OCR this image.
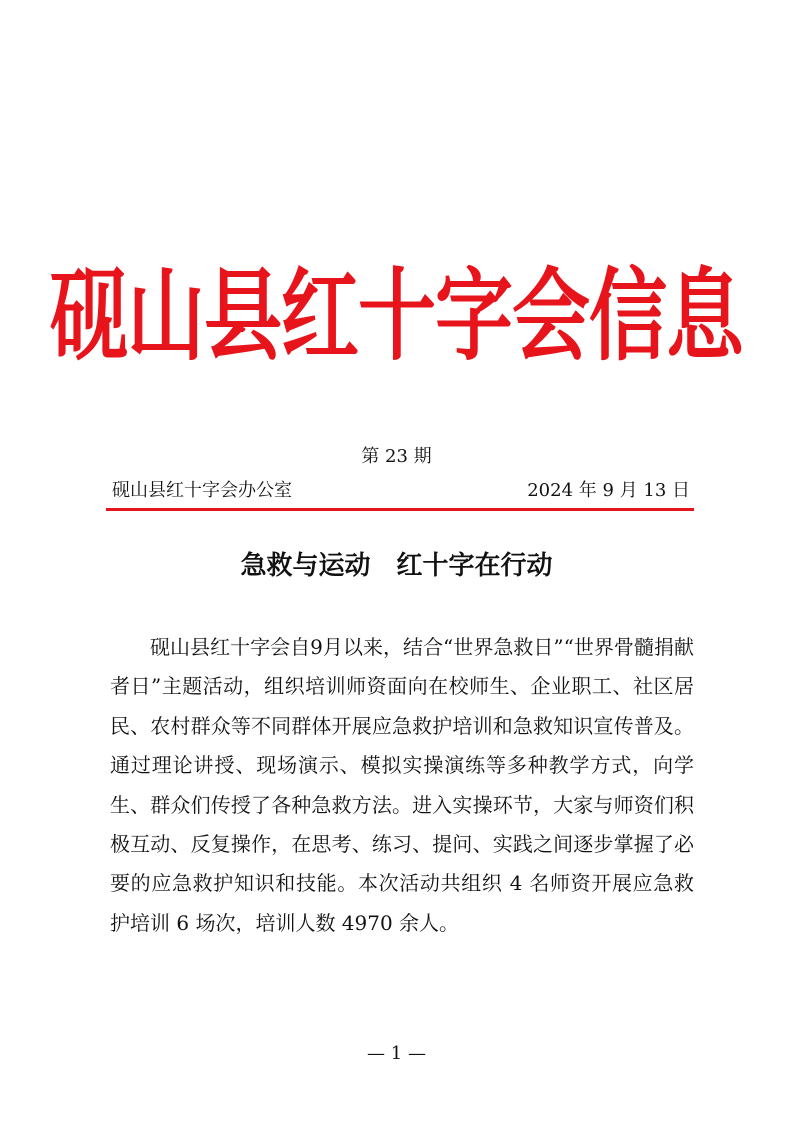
砚山县红十字会信息
第 23 期
砚山县红十字会办公室	2024 年 9 月 13 日
急救与运动　红十字在行动

砚山县红十字会自9月以来，结合“世界急救日”“世界骨髓捐献者日”主题活动，组织培训师资面向在校师生、企业职工、社区居民、农村群众等不同群体开展应急救护培训和急救知识宣传普及。通过理论讲授、现场演示、模拟实操演练等多种教学方式，向学生、群众们传授了各种急救方法。进入实操环节，大家与师资们积极互动、反复操作，在思考、练习、提问、实践之间逐步掌握了必要的应急救护知识和技能。本次活动共组织 4 名师资开展应急救护培训 6 场次，培训人数 4970 余人。

— 1 —
